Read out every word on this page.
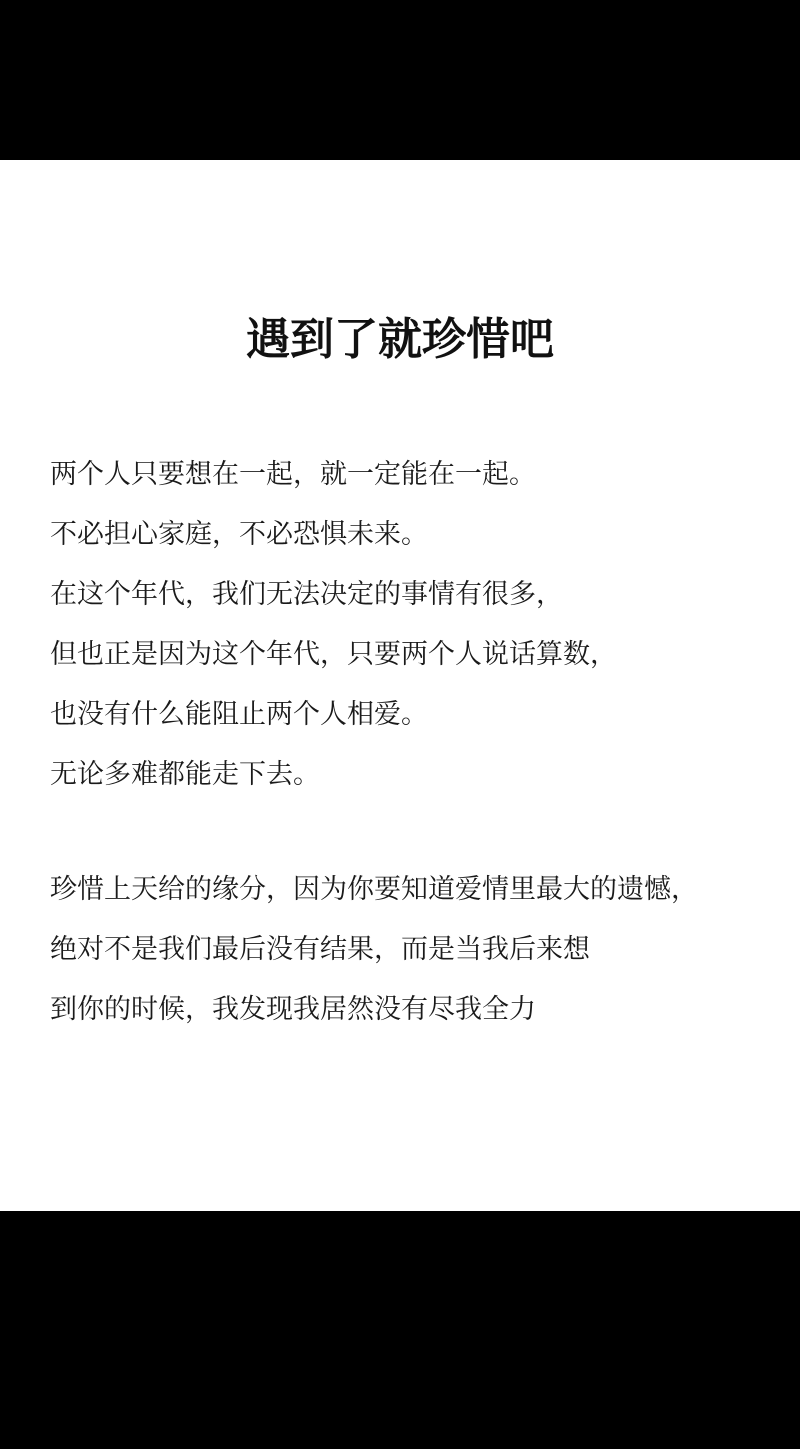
遇到了就珍惜吧
两个人只要想在一起，就一定能在一起。
不必担心家庭，不必恐惧未来。
在这个年代，我们无法决定的事情有很多，
但也正是因为这个年代，只要两个人说话算数，
也没有什么能阻止两个人相爱。
无论多难都能走下去。
珍惜上天给的缘分，因为你要知道爱情里最大的遗憾，
绝对不是我们最后没有结果，而是当我后来想
到你的时候，我发现我居然没有尽我全力
